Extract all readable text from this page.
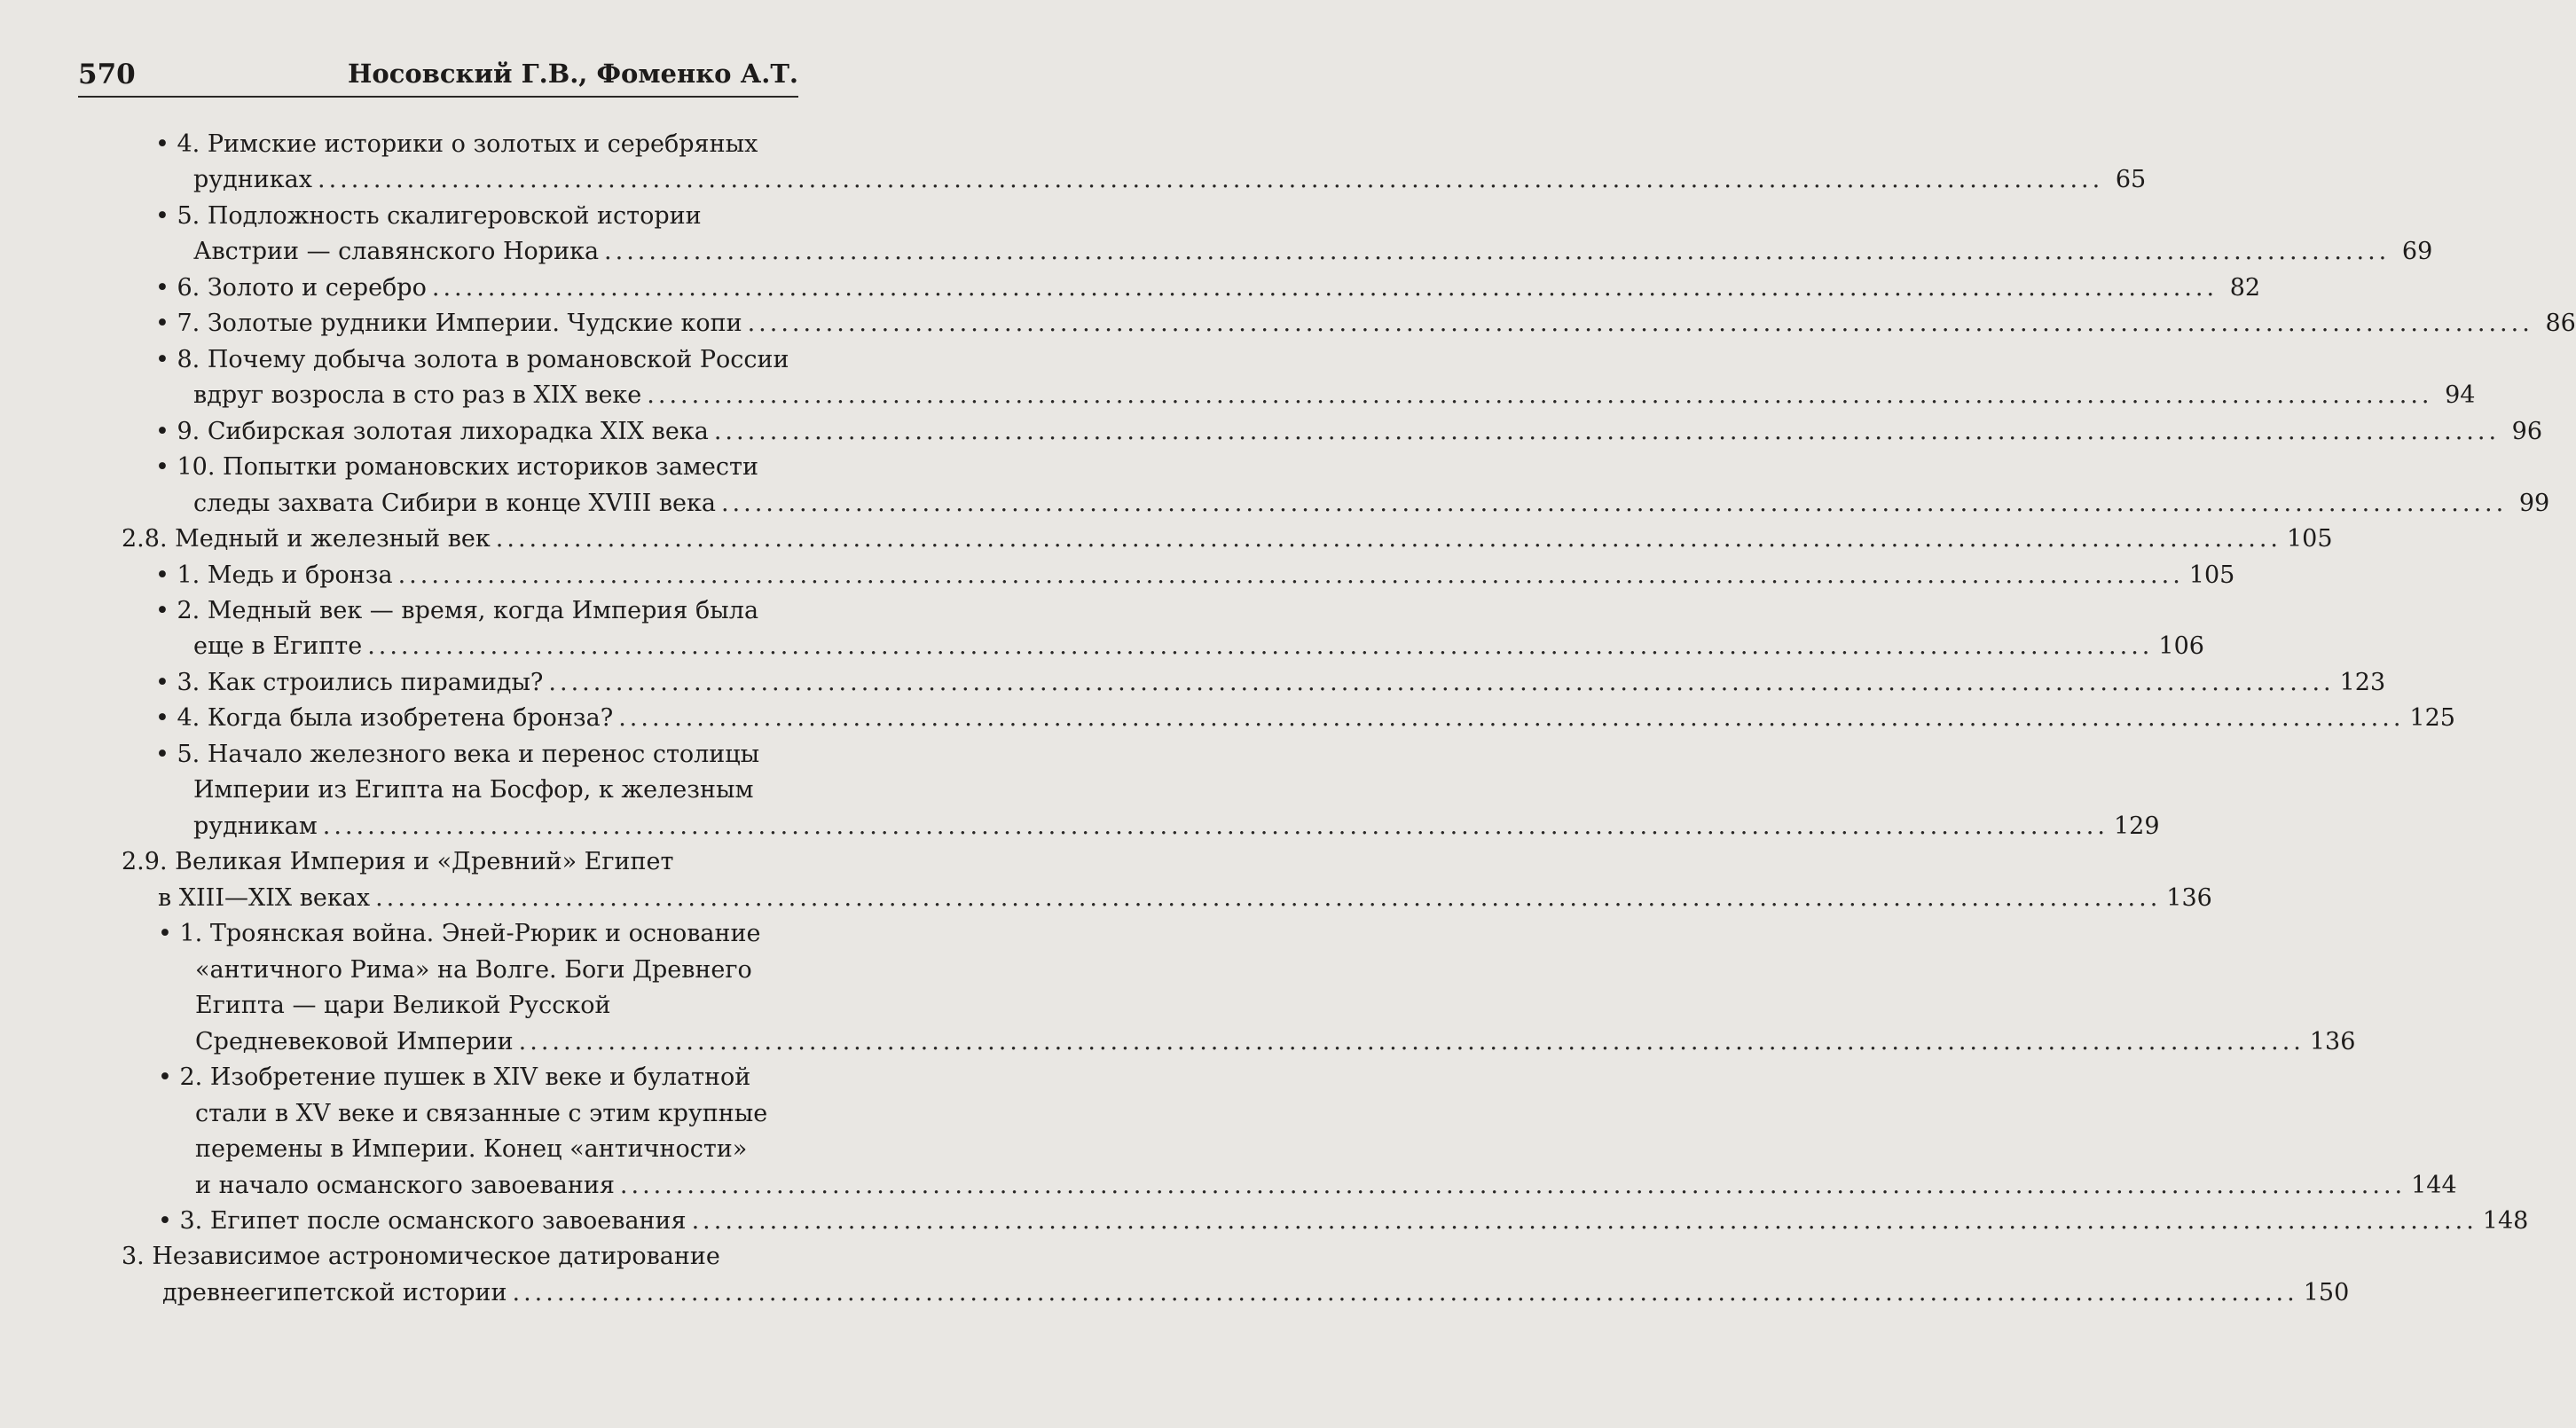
570	Носовский Г.В., Фоменко А.Т.
• 4. Римские историки о золотых и серебряных
рудниках ................................................................................................................................................................ 65
• 5. Подложность скалигеровской истории
Австрии — славянского Норика ................................................................................................................................................................ 69
• 6. Золото и серебро ................................................................................................................................................................ 82
• 7. Золотые рудники Империи. Чудские копи ................................................................................................................................................................ 86
• 8. Почему добыча золота в романовской России
вдруг возросла в сто раз в XIX веке ................................................................................................................................................................ 94
• 9. Сибирская золотая лихорадка XIX века ................................................................................................................................................................ 96
• 10. Попытки романовских историков замести
следы захвата Сибири в конце XVIII века ................................................................................................................................................................ 99
2.8. Медный и железный век ................................................................................................................................................................ 105
• 1. Медь и бронза ................................................................................................................................................................ 105
• 2. Медный век — время, когда Империя была
еще в Египте ................................................................................................................................................................ 106
• 3. Как строились пирамиды? ................................................................................................................................................................ 123
• 4. Когда была изобретена бронза? ................................................................................................................................................................ 125
• 5. Начало железного века и перенос столицы
Империи из Египта на Босфор, к железным
рудникам ................................................................................................................................................................ 129
2.9. Великая Империя и «Древний» Египет
в XIII—XIX веках ................................................................................................................................................................ 136
• 1. Троянская война. Эней-Рюрик и основание
«античного Рима» на Волге. Боги Древнего
Египта — цари Великой Русской
Средневековой Империи ................................................................................................................................................................ 136
• 2. Изобретение пушек в XIV веке и булатной
стали в XV веке и связанные с этим крупные
перемены в Империи. Конец «античности»
и начало османского завоевания ................................................................................................................................................................ 144
• 3. Египет после османского завоевания ................................................................................................................................................................ 148
3. Независимое астрономическое датирование
древнеегипетской истории ................................................................................................................................................................ 150
